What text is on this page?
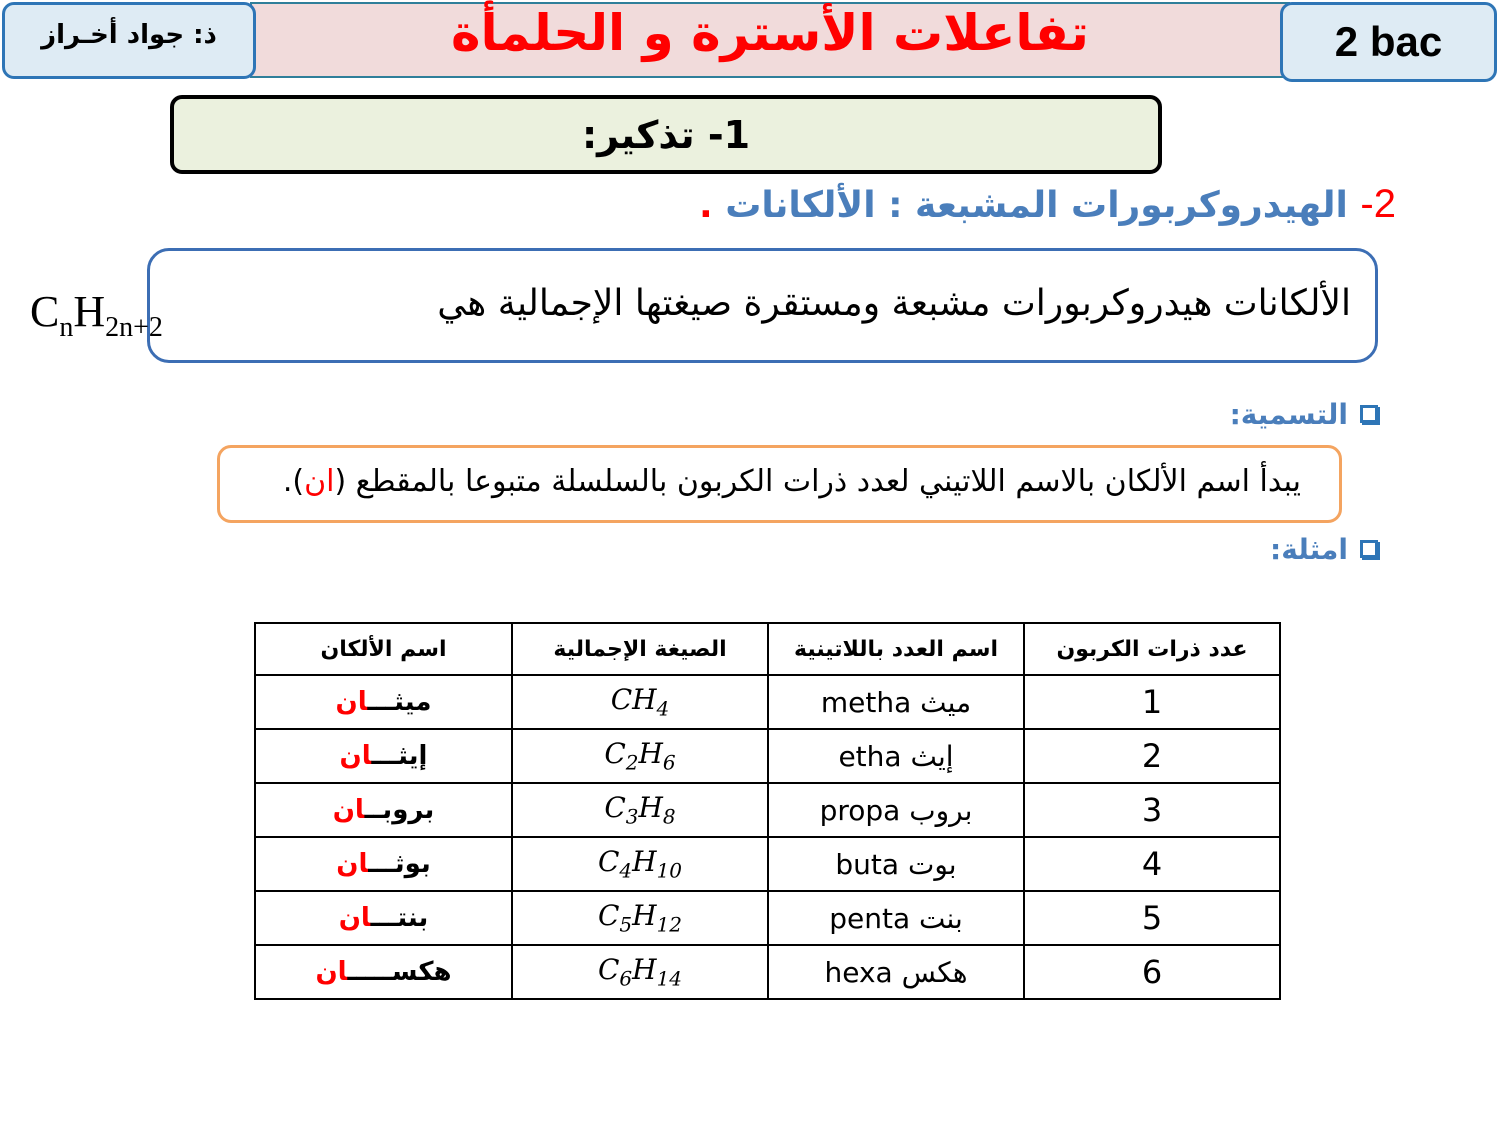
تفاعلات الأسترة و الحلمأة
ذ: جواد أخـراز	2 bac
1- تذكير:
2- الهيدروكربورات المشبعة : الألكانات .
الألكانات هيدروكربورات مشبعة ومستقرة صيغتها الإجمالية هي
$C_nH_{2n+2}$
التسمية:
يبدأ اسم الألكان بالاسم اللاتيني لعدد ذرات الكربون بالسلسلة متبوعا بالمقطع (ان).
امثلة:
عدد ذرات الكربون	اسم العدد باللاتينية	الصيغة الإجمالية	اسم الألكان
1	metha ميث	$CH_4$	ميثـــان
2	etha إيث	$C_2H_6$	إيثـــان
3	propa بروب	$C_3H_8$	بروبــان
4	buta بوت	$C_4H_{10}$	بوثـــان
5	penta بنت	$C_5H_{12}$	بنتـــان
6	hexa هكس	$C_6H_{14}$	هكســـــان
